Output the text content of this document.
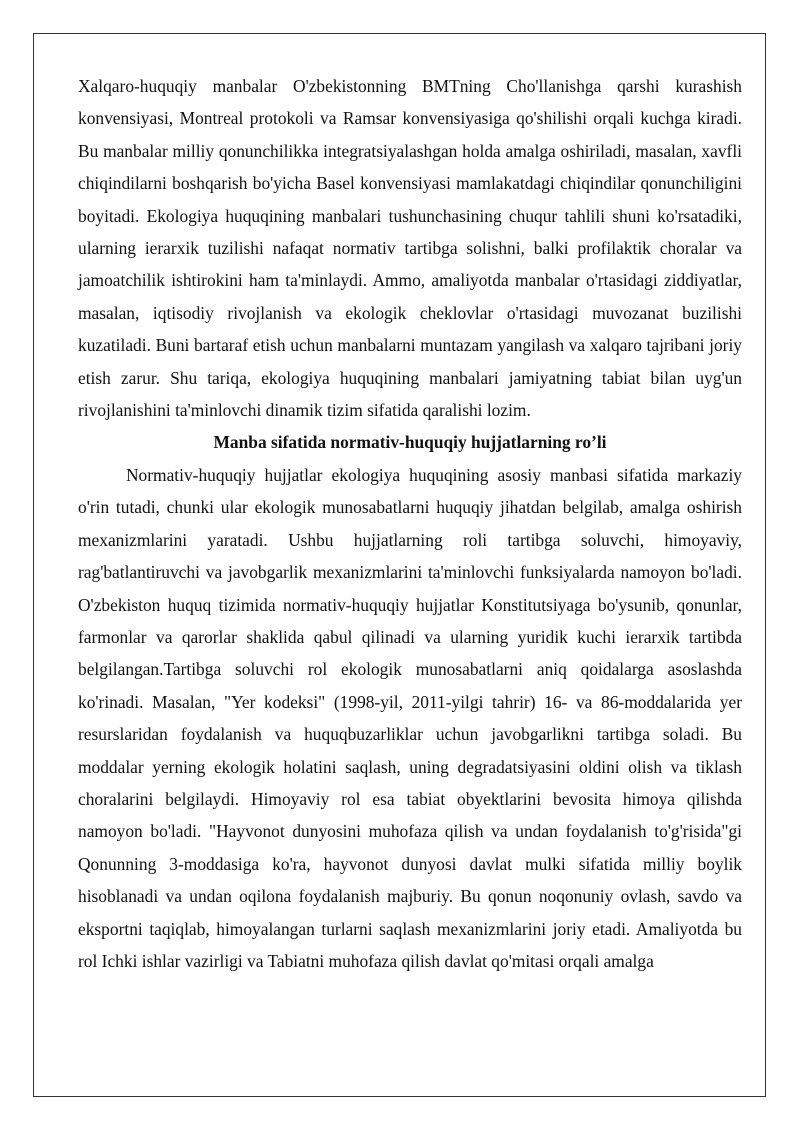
Xalqaro-huquqiy manbalar O'zbekistonning BMTning Cho'llanishga qarshi kurashish konvensiyasi, Montreal protokoli va Ramsar konvensiyasiga qo'shilishi orqali kuchga kiradi. Bu manbalar milliy qonunchilikka integratsiyalashgan holda amalga oshiriladi, masalan, xavfli chiqindilarni boshqarish bo'yicha Basel konvensiyasi mamlakatdagi chiqindilar qonunchiligini boyitadi. Ekologiya huquqining manbalari tushunchasining chuqur tahlili shuni ko'rsatadiki, ularning ierarxik tuzilishi nafaqat normativ tartibga solishni, balki profilaktik choralar va jamoatchilik ishtirokini ham ta'minlaydi. Ammo, amaliyotda manbalar o'rtasidagi ziddiyatlar, masalan, iqtisodiy rivojlanish va ekologik cheklovlar o'rtasidagi muvozanat buzilishi kuzatiladi. Buni bartaraf etish uchun manbalarni muntazam yangilash va xalqaro tajribani joriy etish zarur. Shu tariqa, ekologiya huquqining manbalari jamiyatning tabiat bilan uyg'un rivojlanishini ta'minlovchi dinamik tizim sifatida qaralishi lozim.

Manba sifatida normativ-huquqiy hujjatlarning ro’li

Normativ-huquqiy hujjatlar ekologiya huquqining asosiy manbasi sifatida markaziy o'rin tutadi, chunki ular ekologik munosabatlarni huquqiy jihatdan belgilab, amalga oshirish mexanizmlarini yaratadi. Ushbu hujjatlarning roli tartibga soluvchi, himoyaviy, rag'batlantiruvchi va javobgarlik mexanizmlarini ta'minlovchi funksiyalarda namoyon bo'ladi. O'zbekiston huquq tizimida normativ-huquqiy hujjatlar Konstitutsiyaga bo'ysunib, qonunlar, farmonlar va qarorlar shaklida qabul qilinadi va ularning yuridik kuchi ierarxik tartibda belgilangan.Tartibga soluvchi rol ekologik munosabatlarni aniq qoidalarga asoslashda ko'rinadi. Masalan, "Yer kodeksi" (1998-yil, 2011-yilgi tahrir) 16- va 86-moddalarida yer resurslaridan foydalanish va huquqbuzarliklar uchun javobgarlikni tartibga soladi. Bu moddalar yerning ekologik holatini saqlash, uning degradatsiyasini oldini olish va tiklash choralarini belgilaydi. Himoyaviy rol esa tabiat obyektlarini bevosita himoya qilishda namoyon bo'ladi. "Hayvonot dunyosini muhofaza qilish va undan foydalanish to'g'risida"gi Qonunning 3-moddasiga ko'ra, hayvonot dunyosi davlat mulki sifatida milliy boylik hisoblanadi va undan oqilona foydalanish majburiy. Bu qonun noqonuniy ovlash, savdo va eksportni taqiqlab, himoyalangan turlarni saqlash mexanizmlarini joriy etadi. Amaliyotda bu rol Ichki ishlar vazirligi va Tabiatni muhofaza qilish davlat qo'mitasi orqali amalga
